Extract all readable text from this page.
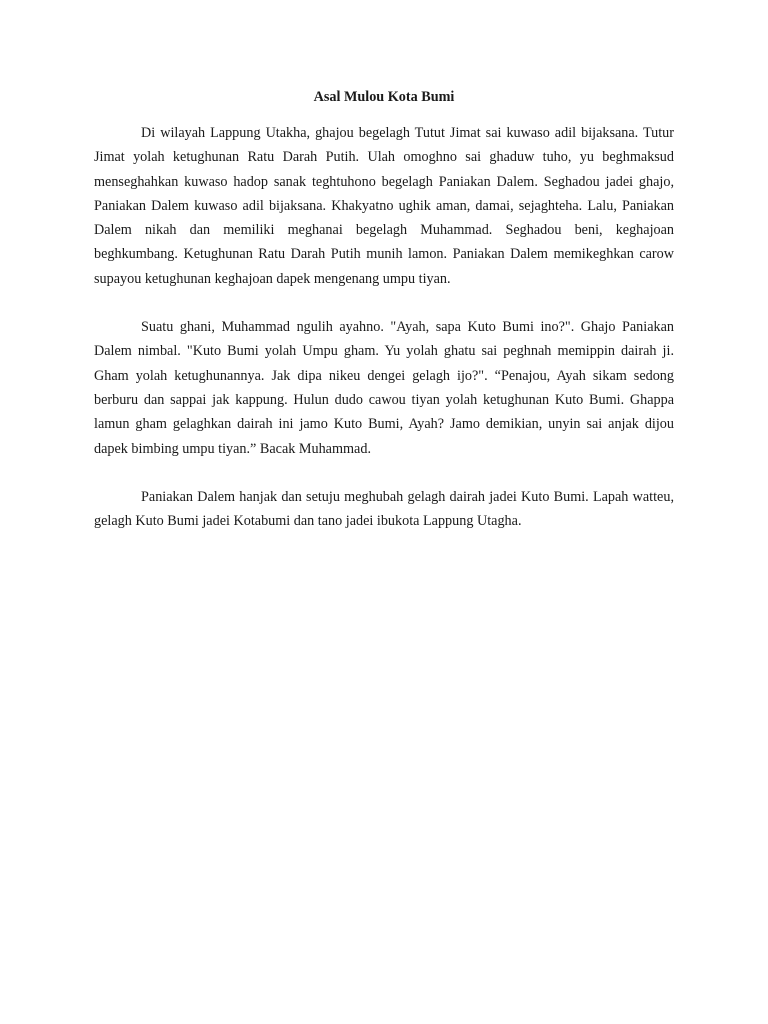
Asal Mulou Kota Bumi

Di wilayah Lappung Utakha, ghajou begelagh Tutut Jimat sai kuwaso adil bijaksana. Tutur Jimat yolah ketughunan Ratu Darah Putih. Ulah omoghno sai ghaduw tuho, yu beghmaksud menseghahkan kuwaso hadop sanak teghtuhono begelagh Paniakan Dalem. Seghadou jadei ghajo, Paniakan Dalem kuwaso adil bijaksana. Khakyatno ughik aman, damai, sejaghteha. Lalu, Paniakan Dalem nikah dan memiliki meghanai begelagh Muhammad. Seghadou beni, keghajoan beghkumbang. Ketughunan Ratu Darah Putih munih lamon. Paniakan Dalem memikeghkan carow supayou ketughunan keghajoan dapek mengenang umpu tiyan.

Suatu ghani, Muhammad ngulih ayahno. "Ayah, sapa Kuto Bumi ino?". Ghajo Paniakan Dalem nimbal. "Kuto Bumi yolah Umpu gham. Yu yolah ghatu sai peghnah memippin dairah ji. Gham yolah ketughunannya. Jak dipa nikeu dengei gelagh ijo?". “Penajou, Ayah sikam sedong berburu dan sappai jak kappung. Hulun dudo cawou tiyan yolah ketughunan Kuto Bumi. Ghappa lamun gham gelaghkan dairah ini jamo Kuto Bumi, Ayah? Jamo demikian, unyin sai anjak dijou dapek bimbing umpu tiyan.” Bacak Muhammad.

Paniakan Dalem hanjak dan setuju meghubah gelagh dairah jadei Kuto Bumi. Lapah watteu, gelagh Kuto Bumi jadei Kotabumi dan tano jadei ibukota Lappung Utagha.
